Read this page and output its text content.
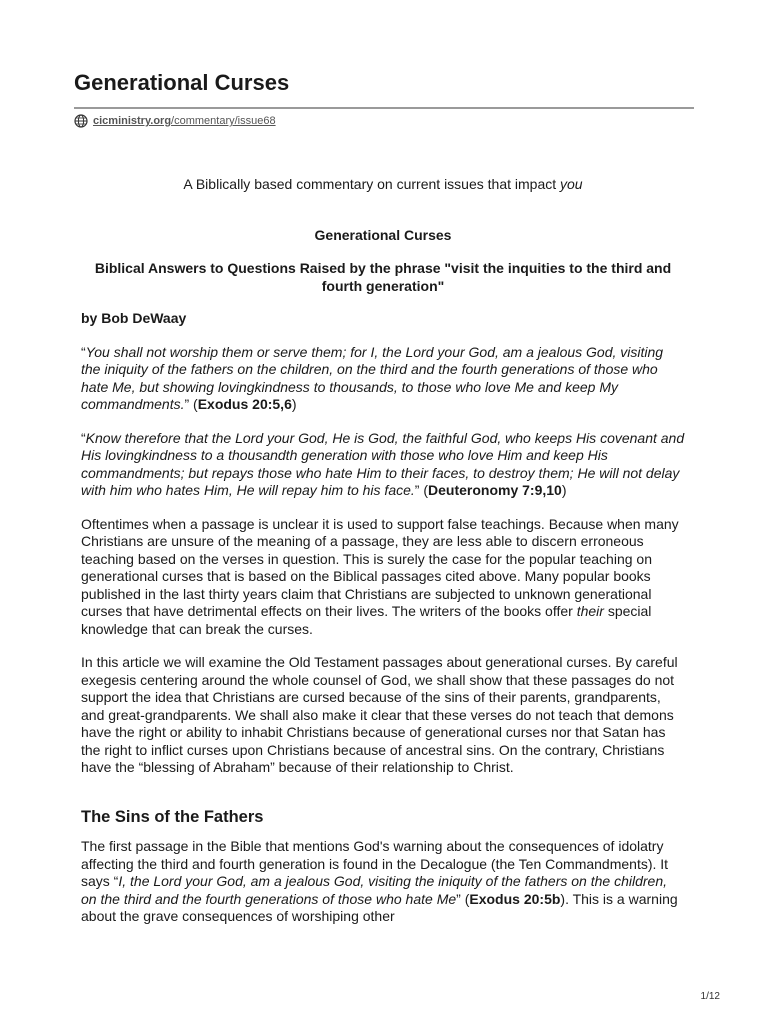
Generational Curses
cicministry.org/commentary/issue68

A Biblically based commentary on current issues that impact you

Generational Curses

Biblical Answers to Questions Raised by the phrase "visit the inquities to the third and fourth generation"

by Bob DeWaay

“You shall not worship them or serve them; for I, the Lord your God, am a jealous God, visiting the iniquity of the fathers on the children, on the third and the fourth generations of those who hate Me, but showing lovingkindness to thousands, to those who love Me and keep My commandments.” (Exodus 20:5,6)

“Know therefore that the Lord your God, He is God, the faithful God, who keeps His covenant and His lovingkindness to a thousandth generation with those who love Him and keep His commandments; but repays those who hate Him to their faces, to destroy them; He will not delay with him who hates Him, He will repay him to his face.” (Deuteronomy 7:9,10)

Oftentimes when a passage is unclear it is used to support false teachings. Because when many Christians are unsure of the meaning of a passage, they are less able to discern erroneous teaching based on the verses in question. This is surely the case for the popular teaching on generational curses that is based on the Biblical passages cited above. Many popular books published in the last thirty years claim that Christians are subjected to unknown generational curses that have detrimental effects on their lives. The writers of the books offer their special knowledge that can break the curses.

In this article we will examine the Old Testament passages about generational curses. By careful exegesis centering around the whole counsel of God, we shall show that these passages do not support the idea that Christians are cursed because of the sins of their parents, grandparents, and great-grandparents. We shall also make it clear that these verses do not teach that demons have the right or ability to inhabit Christians because of generational curses nor that Satan has the right to inflict curses upon Christians because of ancestral sins. On the contrary, Christians have the “blessing of Abraham” because of their relationship to Christ.

The Sins of the Fathers

The first passage in the Bible that mentions God's warning about the consequences of idolatry affecting the third and fourth generation is found in the Decalogue (the Ten Commandments). It says “I, the Lord your God, am a jealous God, visiting the iniquity of the fathers on the children, on the third and the fourth generations of those who hate Me” (Exodus 20:5b). This is a warning about the grave consequences of worshiping other

1/12
